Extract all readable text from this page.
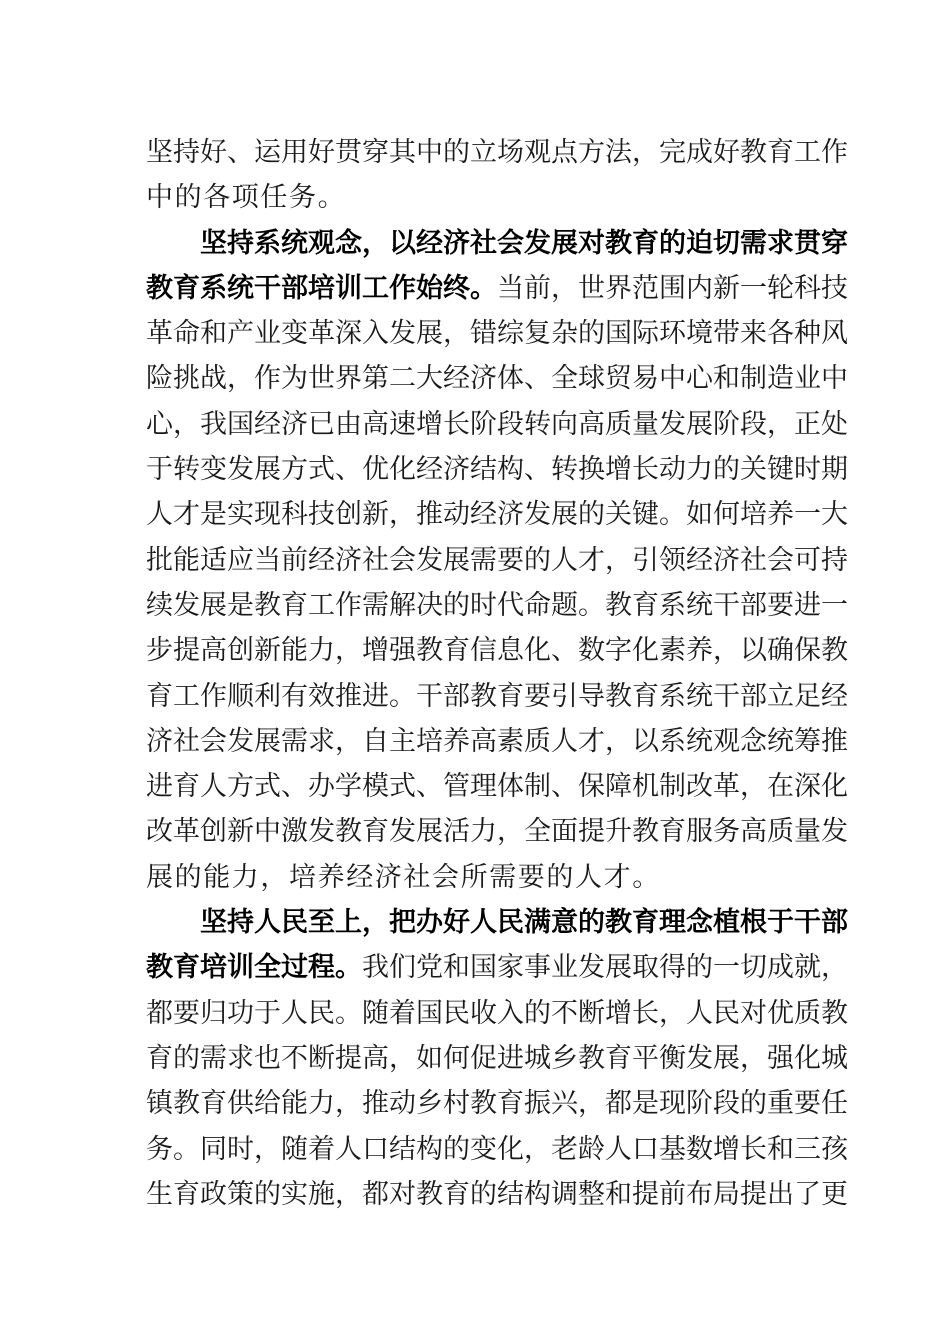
坚持好、运用好贯穿其中的立场观点方法，完成好教育工作
中的各项任务。
坚持系统观念，以经济社会发展对教育的迫切需求贯穿
教育系统干部培训工作始终。当前，世界范围内新一轮科技
革命和产业变革深入发展，错综复杂的国际环境带来各种风
险挑战，作为世界第二大经济体、全球贸易中心和制造业中
心，我国经济已由高速增长阶段转向高质量发展阶段，正处
于转变发展方式、优化经济结构、转换增长动力的关键时期
人才是实现科技创新，推动经济发展的关键。如何培养一大
批能适应当前经济社会发展需要的人才，引领经济社会可持
续发展是教育工作需解决的时代命题。教育系统干部要进一
步提高创新能力，增强教育信息化、数字化素养，以确保教
育工作顺利有效推进。干部教育要引导教育系统干部立足经
济社会发展需求，自主培养高素质人才，以系统观念统筹推
进育人方式、办学模式、管理体制、保障机制改革，在深化
改革创新中激发教育发展活力，全面提升教育服务高质量发
展的能力，培养经济社会所需要的人才。
坚持人民至上，把办好人民满意的教育理念植根于干部
教育培训全过程。我们党和国家事业发展取得的一切成就，
都要归功于人民。随着国民收入的不断增长，人民对优质教
育的需求也不断提高，如何促进城乡教育平衡发展，强化城
镇教育供给能力，推动乡村教育振兴，都是现阶段的重要任
务。同时，随着人口结构的变化，老龄人口基数增长和三孩
生育政策的实施，都对教育的结构调整和提前布局提出了更
